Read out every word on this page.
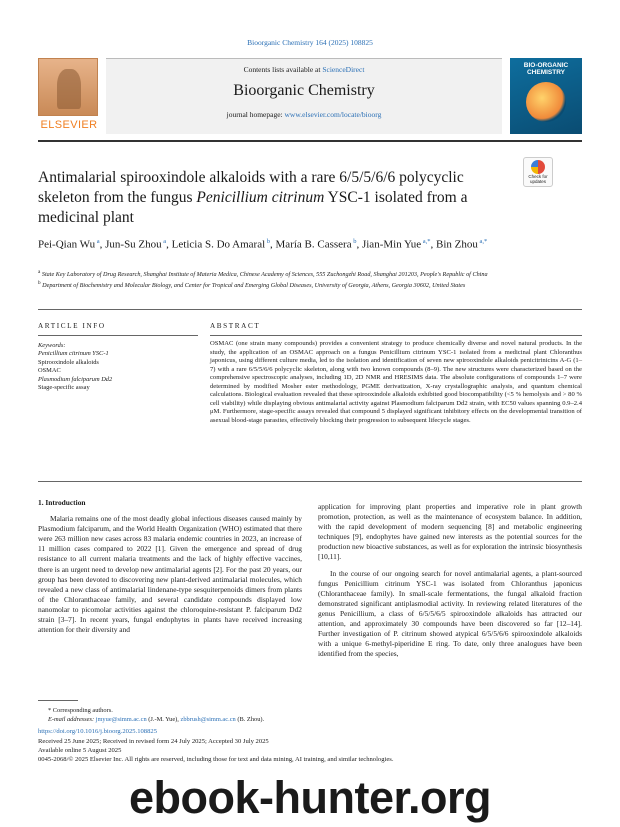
Bioorganic Chemistry 164 (2025) 108825
ELSEVIER
Contents lists available at ScienceDirect
Bioorganic Chemistry
journal homepage: www.elsevier.com/locate/bioorg
BIO-ORGANIC CHEMISTRY
Antimalarial spirooxindole alkaloids with a rare 6/5/5/6/6 polycyclic skeleton from the fungus Penicillium citrinum YSC-1 isolated from a medicinal plant
Check for updates
Pei-Qian Wu $^a$, Jun-Su Zhou $^a$, Leticia S. Do Amaral $^b$, María B. Cassera $^b$, Jian-Min Yue $^{a,*}$, Bin Zhou $^{a,*}$
$^a$ State Key Laboratory of Drug Research, Shanghai Institute of Materia Medica, Chinese Academy of Sciences, 555 Zuchongzhi Road, Shanghai 201203, People's Republic of China
$^b$ Department of Biochemistry and Molecular Biology, and Center for Tropical and Emerging Global Diseases, University of Georgia, Athens, Georgia 30602, United States
ARTICLE INFO	ABSTRACT
Keywords:
Penicillium citrinum YSC-1
Spirooxindole alkaloids
OSMAC
Plasmodium falciparum Dd2
Stage-specific assay
OSMAC (one strain many compounds) provides a convenient strategy to produce chemically diverse and novel natural products. In the study, the application of an OSMAC approach on a fungus Penicillium citrinum YSC-1 isolated from a medicinal plant Chloranthus japonicus, using different culture media, led to the isolation and identification of seven new spirooxindole alkaloids penicitrinicins A-G (1–7) with a rare 6/5/5/6/6 polycyclic skeleton, along with two known compounds (8–9). The new structures were characterized based on the comprehensive spectroscopic analyses, including 1D, 2D NMR and HRESIMS data. The absolute configurations of compounds 1–7 were determined by modified Mosher ester methodology, PGME derivatization, X-ray crystallographic analysis, and quantum chemical calculations. Biological evaluation revealed that these spirooxindole alkaloids exhibited good biocompatibility (<5 % hemolysis and > 80 % cell viability) while displaying obvious antimalarial activity against Plasmodium falciparum Dd2 strain, with EC50 values spanning 0.9–2.4 μM. Furthermore, stage-specific assays revealed that compound 5 displayed significant inhibitory effects on the developmental transition of asexual blood-stage parasites, effectively blocking their progression to subsequent lifecycle stages.
1. Introduction

Malaria remains one of the most deadly global infectious diseases caused mainly by Plasmodium falciparum, and the World Health Organization (WHO) estimated that there were 263 million new cases across 83 malaria endemic countries in 2023, an increase of 11 million cases compared to 2022 [1]. Given the emergence and spread of drug resistance to all current malaria treatments and the lack of highly effective vaccines, there is an urgent need to develop new antimalarial agents [2]. For the past 20 years, our group has been devoted to discovering new plant-derived antimalarial molecules, which revealed a new class of antimalarial lindenane-type sesquiterpenoids dimers from plants of the Chloranthaceae family, and several candidate compounds displayed low nanomolar to picomolar activities against the chloroquine-resistant P. falciparum Dd2 strain [3–7]. In recent years, fungal endophytes in plants have received increasing attention for their diversity and

application for improving plant properties and imperative role in plant growth promotion, protection, as well as the maintenance of ecosystem balance. In addition, with the rapid development of modern sequencing [8] and metabolic engineering techniques [9], endophytes have gained new interests as the potential sources for the production new bioactive substances, as well as for exploration the intrinsic biosynthesis [10,11].

In the course of our ongoing search for novel antimalarial agents, a plant-sourced fungus Penicillium citrinum YSC-1 was isolated from Chloranthus japonicus (Chloranthaceae family). In small-scale fermentations, the fungal alkaloid fraction demonstrated significant antiplasmodial activity. In reviewing related literatures of the genus Penicillium, a class of 6/5/5/6/5 spirooxindole alkaloids has attracted our attention, and approximately 30 compounds have been discovered so far [12–14]. Further investigation of P. citrinum showed atypical 6/5/5/6/6 spirooxindole alkaloids with a unique 6-methyl-piperidine E ring. To date, only three analogues have been identified from the species,

* Corresponding authors.
E-mail addresses: jmyue@simm.ac.cn (J.-M. Yue), zbbrush@simm.ac.cn (B. Zhou).
https://doi.org/10.1016/j.bioorg.2025.108825
Received 25 June 2025; Received in revised form 24 July 2025; Accepted 30 July 2025
Available online 5 August 2025
0045-2068/© 2025 Elsevier Inc. All rights are reserved, including those for text and data mining, AI training, and similar technologies.
ebook-hunter.org
